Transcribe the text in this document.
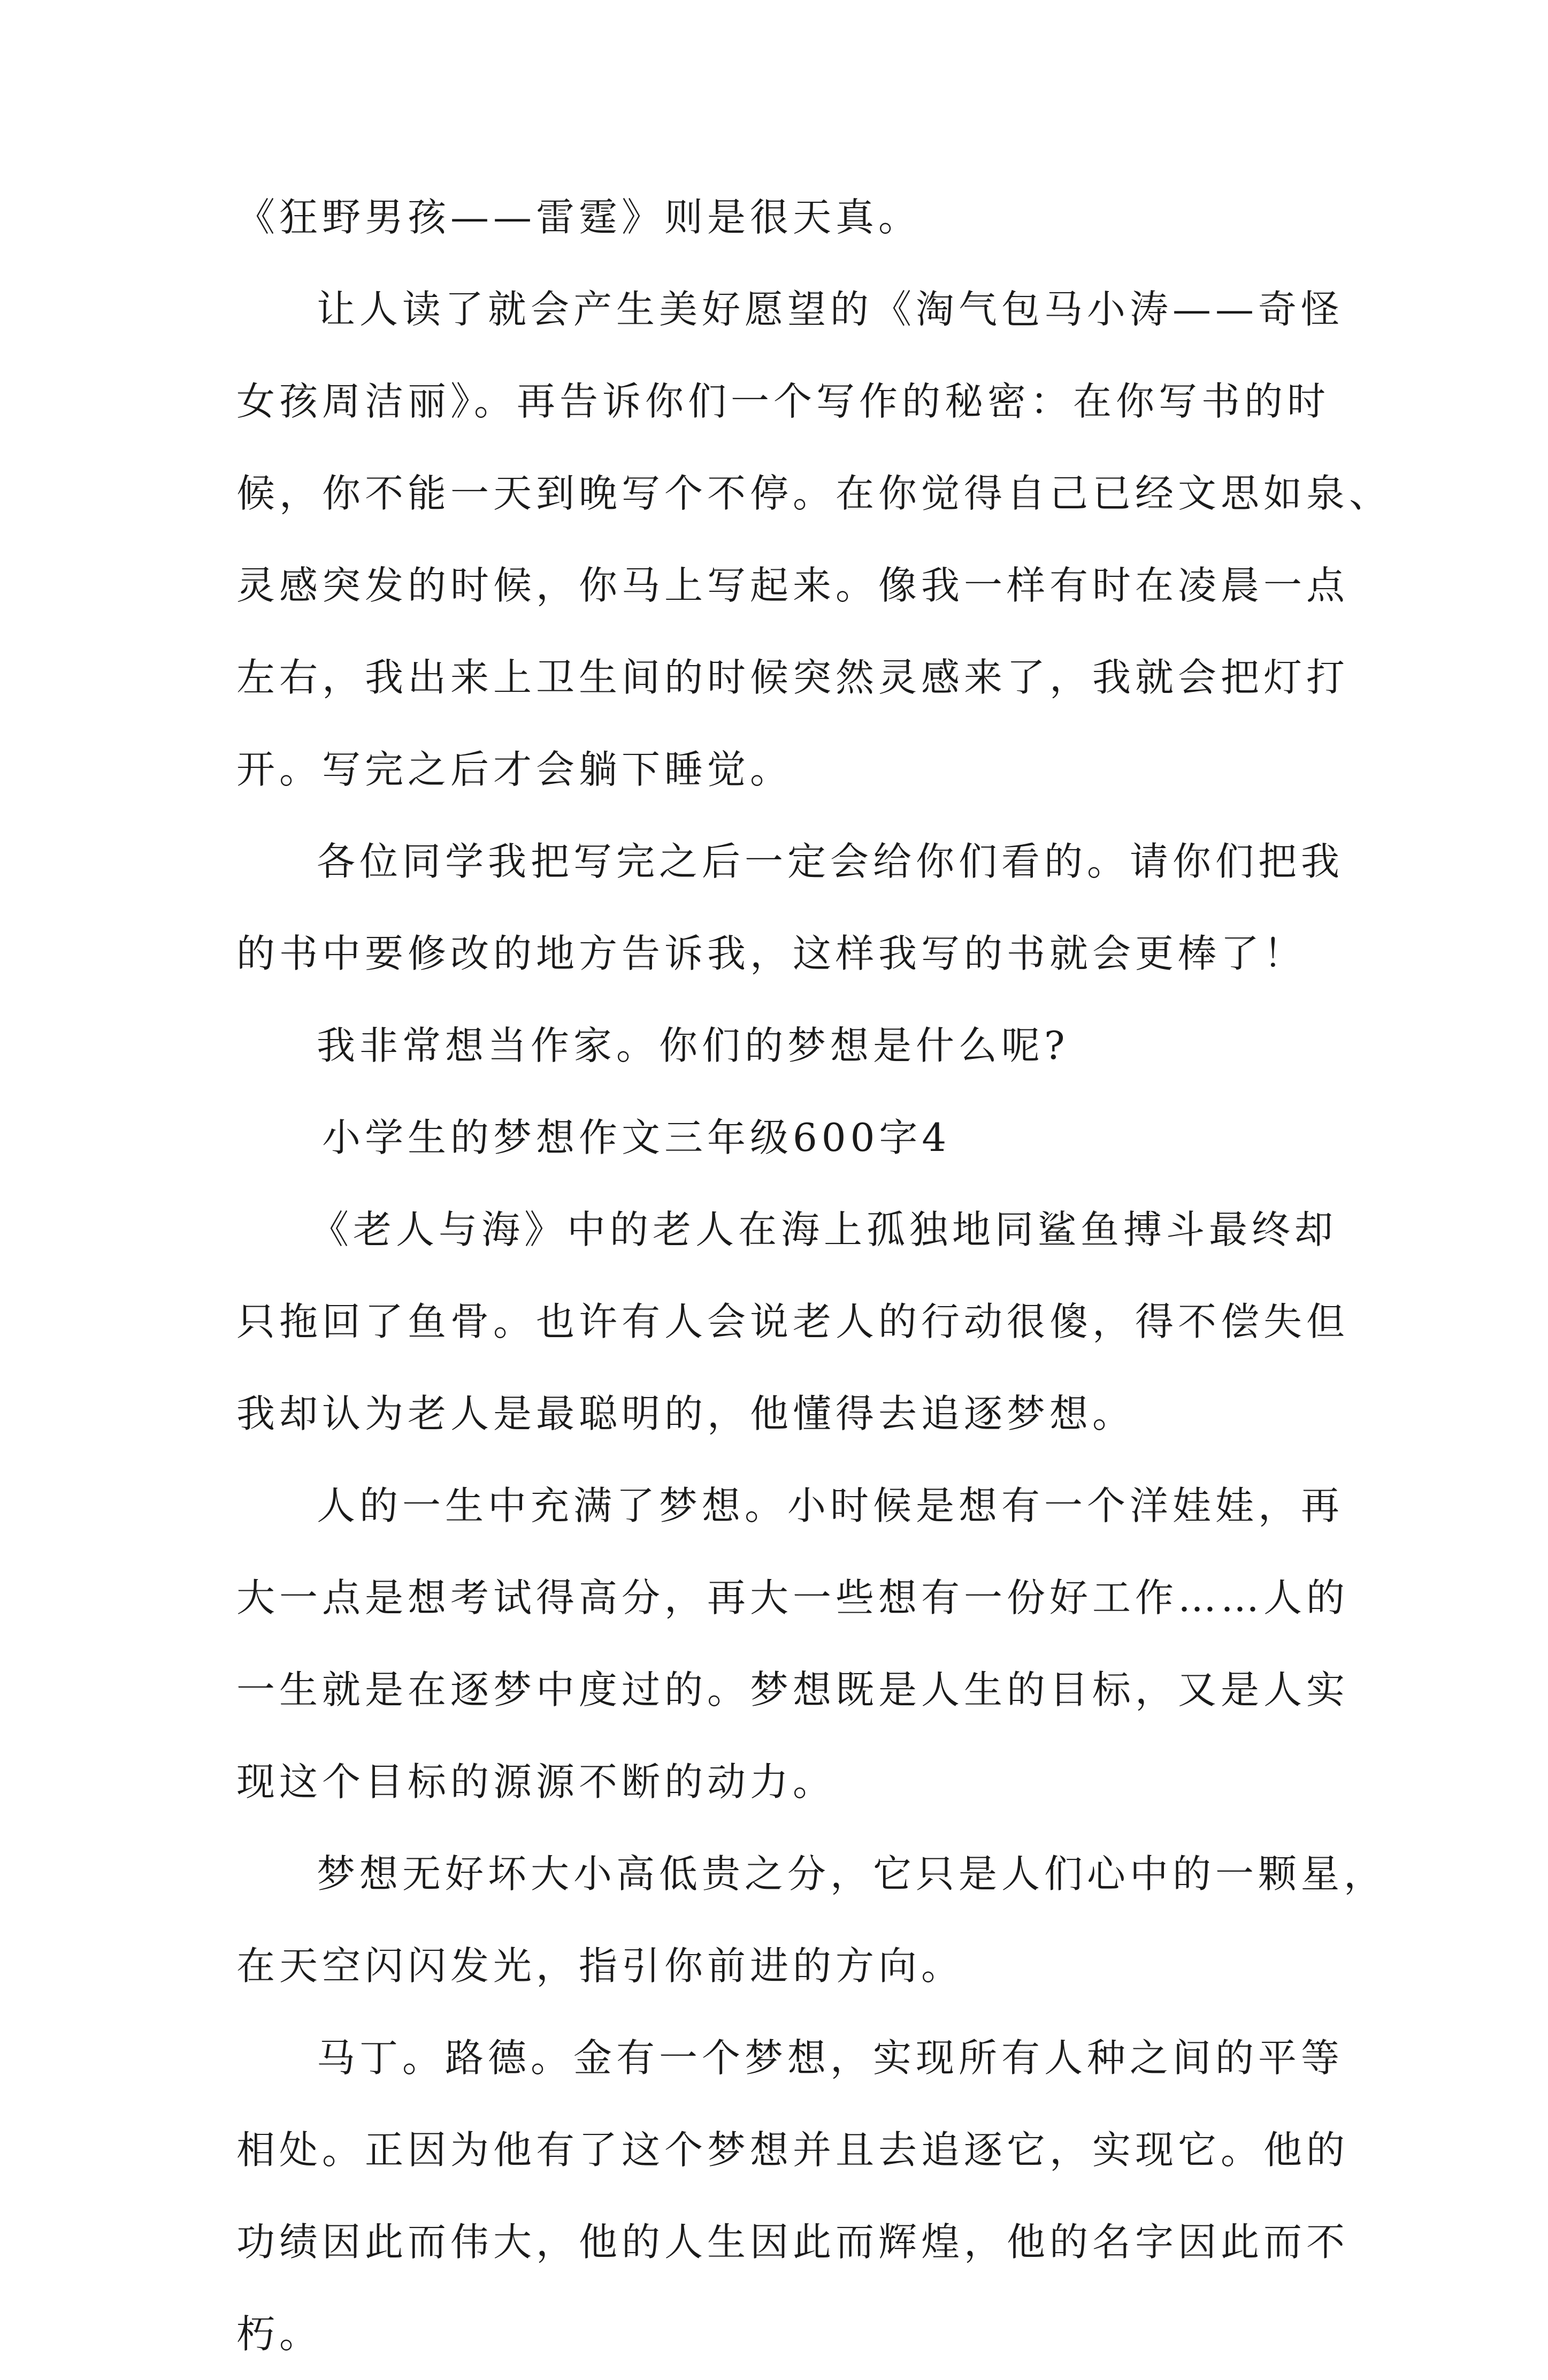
《狂野男孩——雷霆》则是很天真。
让人读了就会产生美好愿望的《淘气包马小涛——奇怪
女孩周洁丽》。再告诉你们一个写作的秘密：在你写书的时
候，你不能一天到晚写个不停。在你觉得自己已经文思如泉、
灵感突发的时候，你马上写起来。像我一样有时在凌晨一点
左右，我出来上卫生间的时候突然灵感来了，我就会把灯打
开。写完之后才会躺下睡觉。
各位同学我把写完之后一定会给你们看的。请你们把我
的书中要修改的地方告诉我，这样我写的书就会更棒了！
我非常想当作家。你们的梦想是什么呢?
小学生的梦想作文三年级600字4
《老人与海》中的老人在海上孤独地同鲨鱼搏斗最终却
只拖回了鱼骨。也许有人会说老人的行动很傻，得不偿失但
我却认为老人是最聪明的，他懂得去追逐梦想。
人的一生中充满了梦想。小时候是想有一个洋娃娃，再
大一点是想考试得高分，再大一些想有一份好工作……人的
一生就是在逐梦中度过的。梦想既是人生的目标，又是人实
现这个目标的源源不断的动力。
梦想无好坏大小高低贵之分，它只是人们心中的一颗星，
在天空闪闪发光，指引你前进的方向。
马丁。路德。金有一个梦想，实现所有人种之间的平等
相处。正因为他有了这个梦想并且去追逐它，实现它。他的
功绩因此而伟大，他的人生因此而辉煌，他的名字因此而不
朽。
